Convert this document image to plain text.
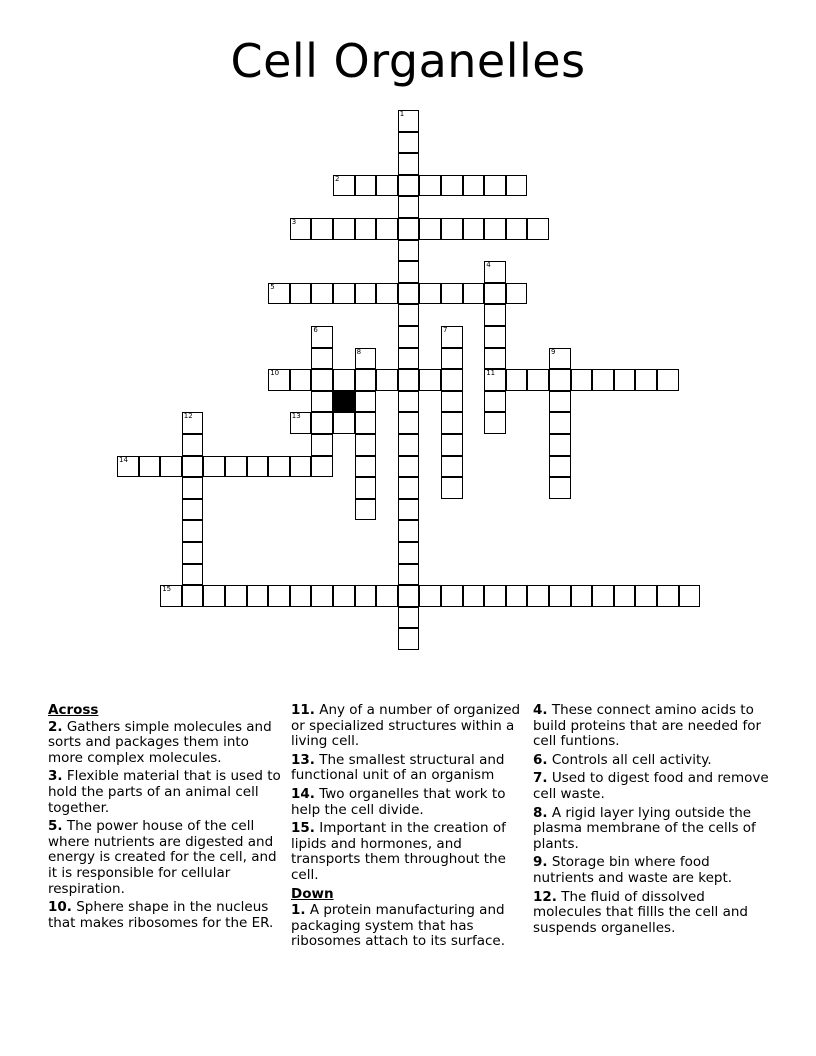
Cell Organelles
1
2
3
4
11
5
6	7
8	9
10
12	13
14
15
Across
2. Gathers simple molecules and sorts and packages them into more complex molecules.
3. Flexible material that is used to hold the parts of an animal cell together.
5. The power house of the cell where nutrients are digested and energy is created for the cell, and it is responsible for cellular respiration.
10. Sphere shape in the nucleus that makes ribosomes for the ER.
11. Any of a number of organized or specialized structures within a living cell.
13. The smallest structural and functional unit of an organism
14. Two organelles that work to help the cell divide.
15. Important in the creation of lipids and hormones, and transports them throughout the cell.
Down
1. A protein manufacturing and packaging system that has ribosomes attach to its surface.
4. These connect amino acids to build proteins that are needed for cell funtions.
6. Controls all cell activity.
7. Used to digest food and remove cell waste.
8. A rigid layer lying outside the plasma membrane of the cells of plants.
9. Storage bin where food nutrients and waste are kept.
12. The fluid of dissolved molecules that fillls the cell and suspends organelles.
